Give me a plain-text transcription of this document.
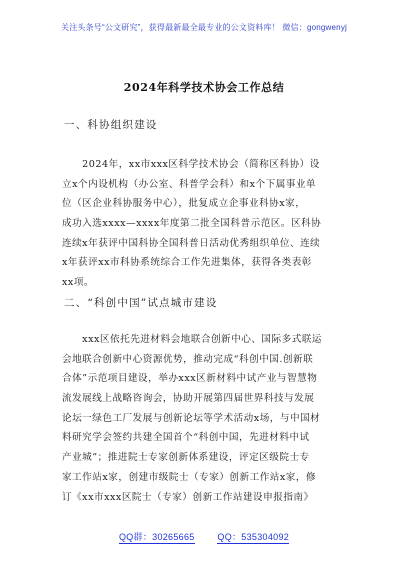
关注头条号“公文研究”，获得最新最全最专业的公文资料库！ 微信：gongwenyj
2024年科学技术协会工作总结
一、科协组织建设
　　2024年，xx市xxx区科学技术协会（简称区科协）设
立x个内设机构（办公室、科普学会科）和x个下属事业单
位（区企业科协服务中心），批复成立企事业科协x家，
成功入选xxxx—xxxx年度第二批全国科普示范区。区科协
连续x年获评中国科协全国科普日活动优秀组织单位、连续
x年获评xx市科协系统综合工作先进集体，获得各类表彰
xx项。
二、“科创中国”试点城市建设
　　xxx区依托先进材料会地联合创新中心、国际多式联运
会地联合创新中心资源优势，推动完成“科创中国.创新联
合体”示范项目建设，举办xxx区新材料中试产业与智慧物
流发展线上战略咨询会，协助开展第四届世界科技与发展
论坛一绿色工厂发展与创新论坛等学术活动x场，与中国材
料研究学会签约共建全国首个“科创中国，先进材料中试
产业城”；推进院士专家创新体系建设，评定区级院士专
家工作站x家，创建市级院士（专家）创新工作站x家，修
订《xx市xxx区院士（专家）创新工作站建设申报指南》
QQ群：30265665	QQ：535304092
